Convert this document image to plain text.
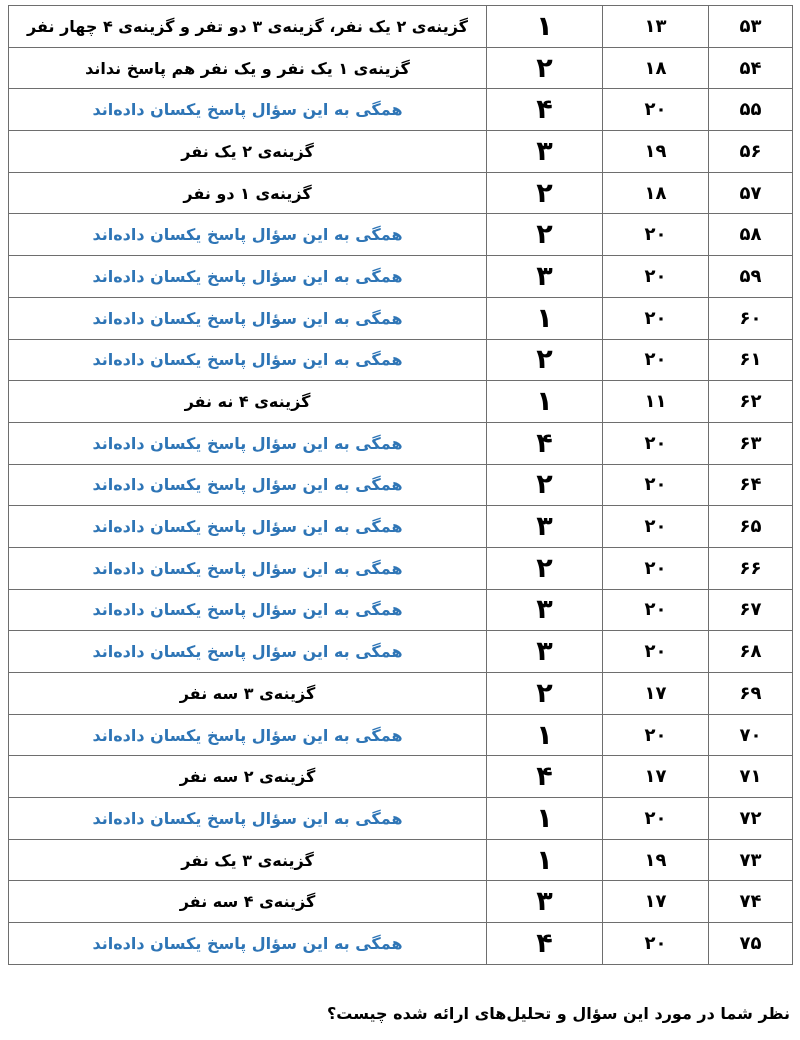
۵۳	۱۳	۱	گزینه‌ی ۲ یک نفر، گزینه‌ی ۳ دو تفر و گزینه‌ی ۴ چهار نفر
۵۴	۱۸	۲	گزینه‌ی ۱ یک نفر و یک نفر هم پاسخ نداند
۵۵	۲۰	۴	همگی به این سؤال پاسخ یکسان داده‌اند
۵۶	۱۹	۳	گزینه‌ی ۲ یک نفر
۵۷	۱۸	۲	گزینه‌ی ۱ دو نفر
۵۸	۲۰	۲	همگی به این سؤال پاسخ یکسان داده‌اند
۵۹	۲۰	۳	همگی به این سؤال پاسخ یکسان داده‌اند
۶۰	۲۰	۱	همگی به این سؤال پاسخ یکسان داده‌اند
۶۱	۲۰	۲	همگی به این سؤال پاسخ یکسان داده‌اند
۶۲	۱۱	۱	گزینه‌ی ۴ نه نفر
۶۳	۲۰	۴	همگی به این سؤال پاسخ یکسان داده‌اند
۶۴	۲۰	۲	همگی به این سؤال پاسخ یکسان داده‌اند
۶۵	۲۰	۳	همگی به این سؤال پاسخ یکسان داده‌اند
۶۶	۲۰	۲	همگی به این سؤال پاسخ یکسان داده‌اند
۶۷	۲۰	۳	همگی به این سؤال پاسخ یکسان داده‌اند
۶۸	۲۰	۳	همگی به این سؤال پاسخ یکسان داده‌اند
۶۹	۱۷	۲	گزینه‌ی ۳ سه نفر
۷۰	۲۰	۱	همگی به این سؤال پاسخ یکسان داده‌اند
۷۱	۱۷	۴	گزینه‌ی ۲ سه نفر
۷۲	۲۰	۱	همگی به این سؤال پاسخ یکسان داده‌اند
۷۳	۱۹	۱	گزینه‌ی ۳ یک نفر
۷۴	۱۷	۳	گزینه‌ی ۴ سه نفر
۷۵	۲۰	۴	همگی به این سؤال پاسخ یکسان داده‌اند
نظر شما در مورد این سؤال و تحلیل‌های ارائه شده چیست؟
